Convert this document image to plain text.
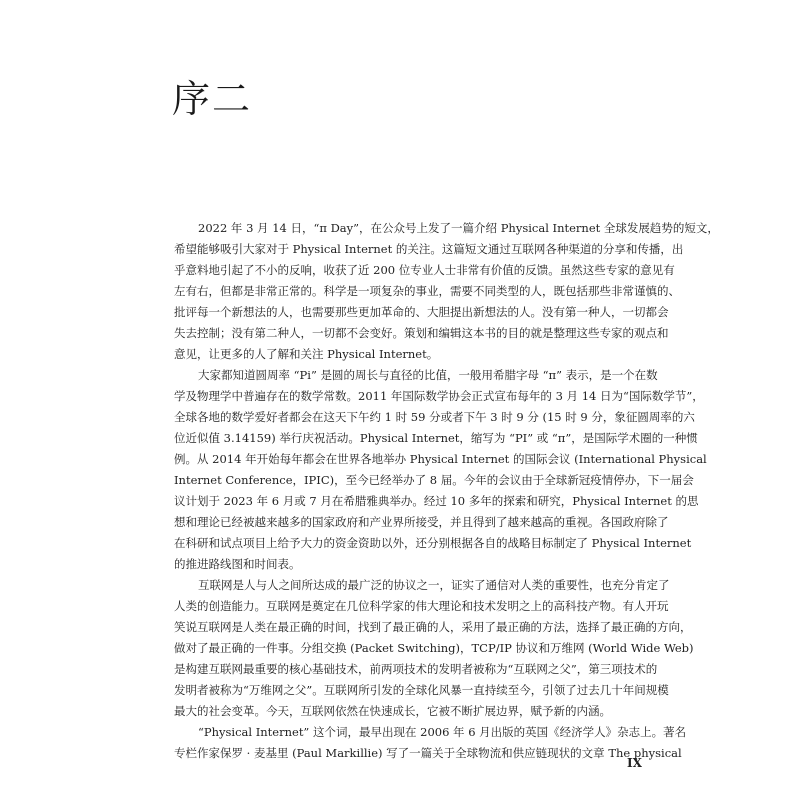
序二
2022 年 3 月 14 日，“π Day”，在公众号上发了一篇介绍 Physical Internet 全球发展趋势的短文，
希望能够吸引大家对于 Physical Internet 的关注。这篇短文通过互联网各种渠道的分享和传播，出
乎意料地引起了不小的反响，收获了近 200 位专业人士非常有价值的反馈。虽然这些专家的意见有
左有右，但都是非常正常的。科学是一项复杂的事业，需要不同类型的人，既包括那些非常谨慎的、
批评每一个新想法的人，也需要那些更加革命的、大胆提出新想法的人。没有第一种人，一切都会
失去控制；没有第二种人，一切都不会变好。策划和编辑这本书的目的就是整理这些专家的观点和
意见，让更多的人了解和关注 Physical Internet。
大家都知道圆周率 “Pi” 是圆的周长与直径的比值，一般用希腊字母 “π” 表示，是一个在数
学及物理学中普遍存在的数学常数。2011 年国际数学协会正式宣布每年的 3 月 14 日为“国际数学节”，
全球各地的数学爱好者都会在这天下午约 1 时 59 分或者下午 3 时 9 分 (15 时 9 分，象征圆周率的六
位近似值 3.14159) 举行庆祝活动。Physical Internet，缩写为 “PI” 或 “π”，是国际学术圈的一种惯
例。从 2014 年开始每年都会在世界各地举办 Physical Internet 的国际会议 (International Physical
Internet Conference，IPIC)，至今已经举办了 8 届。今年的会议由于全球新冠疫情停办，下一届会
议计划于 2023 年 6 月或 7 月在希腊雅典举办。经过 10 多年的探索和研究，Physical Internet 的思
想和理论已经被越来越多的国家政府和产业界所接受，并且得到了越来越高的重视。各国政府除了
在科研和试点项目上给予大力的资金资助以外，还分别根据各自的战略目标制定了 Physical Internet
的推进路线图和时间表。
互联网是人与人之间所达成的最广泛的协议之一，证实了通信对人类的重要性，也充分肯定了
人类的创造能力。互联网是奠定在几位科学家的伟大理论和技术发明之上的高科技产物。有人开玩
笑说互联网是人类在最正确的时间，找到了最正确的人，采用了最正确的方法，选择了最正确的方向，
做对了最正确的一件事。分组交换 (Packet Switching)，TCP/IP 协议和万维网 (World Wide Web)
是构建互联网最重要的核心基础技术，前两项技术的发明者被称为“互联网之父”，第三项技术的
发明者被称为“万维网之父”。互联网所引发的全球化风暴一直持续至今，引领了过去几十年间规模
最大的社会变革。今天，互联网依然在快速成长，它被不断扩展边界，赋予新的内涵。
“Physical Internet” 这个词，最早出现在 2006 年 6 月出版的英国《经济学人》杂志上。著名
专栏作家保罗 · 麦基里 (Paul Markillie) 写了一篇关于全球物流和供应链现状的文章 The physical
IX
